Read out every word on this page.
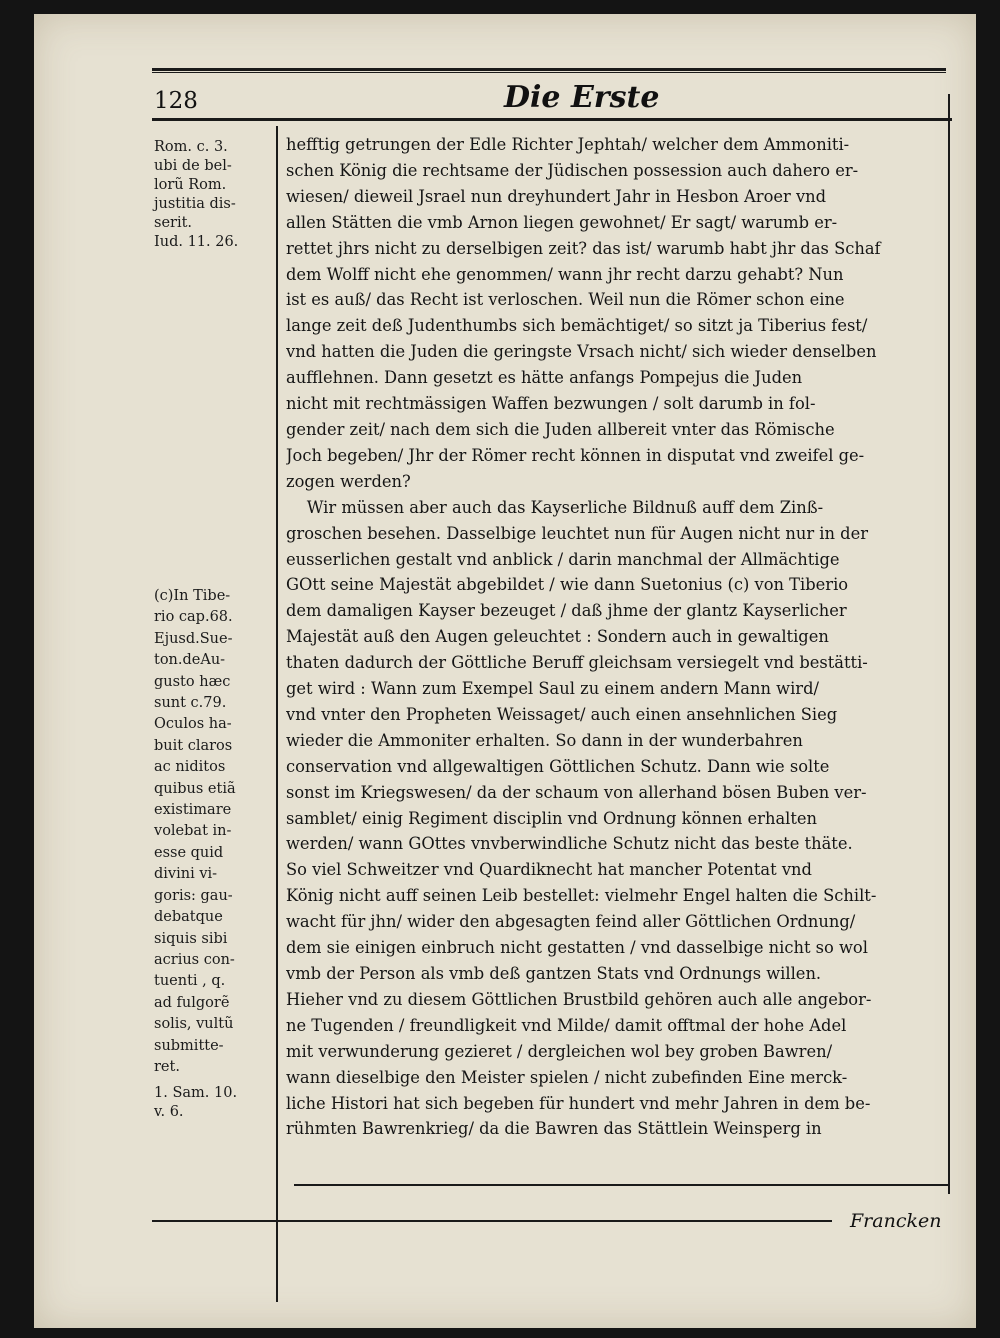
128	Die Erste
Rom. c. 3.
ubi de bel-
lorũ Rom.
justitia dis-
serit.
Iud. 11. 26.
(c)In Tibe-
rio cap.68.
Ejusd.Sue-
ton.deAu-
gusto hæc
sunt c.79.
Oculos ha-
buit claros
ac niditos
quibus etiã
existimare
volebat in-
esse quid
divini vi-
goris: gau-
debatque
siquis sibi
acrius con-
tuenti , q.
ad fulgorẽ
solis, vultũ
submitte-
ret.
1. Sam. 10.
v. 6.
hefftig getrungen der Edle Richter Jephtah/ welcher dem Ammoniti-
schen König die rechtsame der Jüdischen possession auch dahero er-
wiesen/ dieweil Jsrael nun dreyhundert Jahr in Hesbon Aroer vnd
allen Stätten die vmb Arnon liegen gewohnet/ Er sagt/ warumb er-
rettet jhrs nicht zu derselbigen zeit? das ist/ warumb habt jhr das Schaf
dem Wolff nicht ehe genommen/ wann jhr recht darzu gehabt? Nun
ist es auß/ das Recht ist verloschen. Weil nun die Römer schon eine
lange zeit deß Judenthumbs sich bemächtiget/ so sitzt ja Tiberius fest/
vnd hatten die Juden die geringste Vrsach nicht/ sich wieder denselben
aufflehnen. Dann gesetzt es hätte anfangs Pompejus die Juden
nicht mit rechtmässigen Waffen bezwungen / solt darumb in fol-
gender zeit/ nach dem sich die Juden allbereit vnter das Römische
Joch begeben/ Jhr der Römer recht können in disputat vnd zweifel ge-
zogen werden?
Wir müssen aber auch das Kayserliche Bildnuß auff dem Zinß-
groschen besehen. Dasselbige leuchtet nun für Augen nicht nur in der
eusserlichen gestalt vnd anblick / darin manchmal der Allmächtige
GOtt seine Majestät abgebildet / wie dann Suetonius (c) von Tiberio
dem damaligen Kayser bezeuget / daß jhme der glantz Kayserlicher
Majestät auß den Augen geleuchtet : Sondern auch in gewaltigen
thaten dadurch der Göttliche Beruff gleichsam versiegelt vnd bestätti-
get wird : Wann zum Exempel Saul zu einem andern Mann wird/
vnd vnter den Propheten Weissaget/ auch einen ansehnlichen Sieg
wieder die Ammoniter erhalten. So dann in der wunderbahren
conservation vnd allgewaltigen Göttlichen Schutz. Dann wie solte
sonst im Kriegswesen/ da der schaum von allerhand bösen Buben ver-
samblet/ einig Regiment disciplin vnd Ordnung können erhalten
werden/ wann GOttes vnvberwindliche Schutz nicht das beste thäte.
So viel Schweitzer vnd Quardiknecht hat mancher Potentat vnd
König nicht auff seinen Leib bestellet: vielmehr Engel halten die Schilt-
wacht für jhn/ wider den abgesagten feind aller Göttlichen Ordnung/
dem sie einigen einbruch nicht gestatten / vnd dasselbige nicht so wol
vmb der Person als vmb deß gantzen Stats vnd Ordnungs willen.
Hieher vnd zu diesem Göttlichen Brustbild gehören auch alle angebor-
ne Tugenden / freundligkeit vnd Milde/ damit offtmal der hohe Adel
mit verwunderung gezieret / dergleichen wol bey groben Bawren/
wann dieselbige den Meister spielen / nicht zubefinden Eine merck-
liche Histori hat sich begeben für hundert vnd mehr Jahren in dem be-
rühmten Bawrenkrieg/ da die Bawren das Stättlein Weinsperg in
Francken
